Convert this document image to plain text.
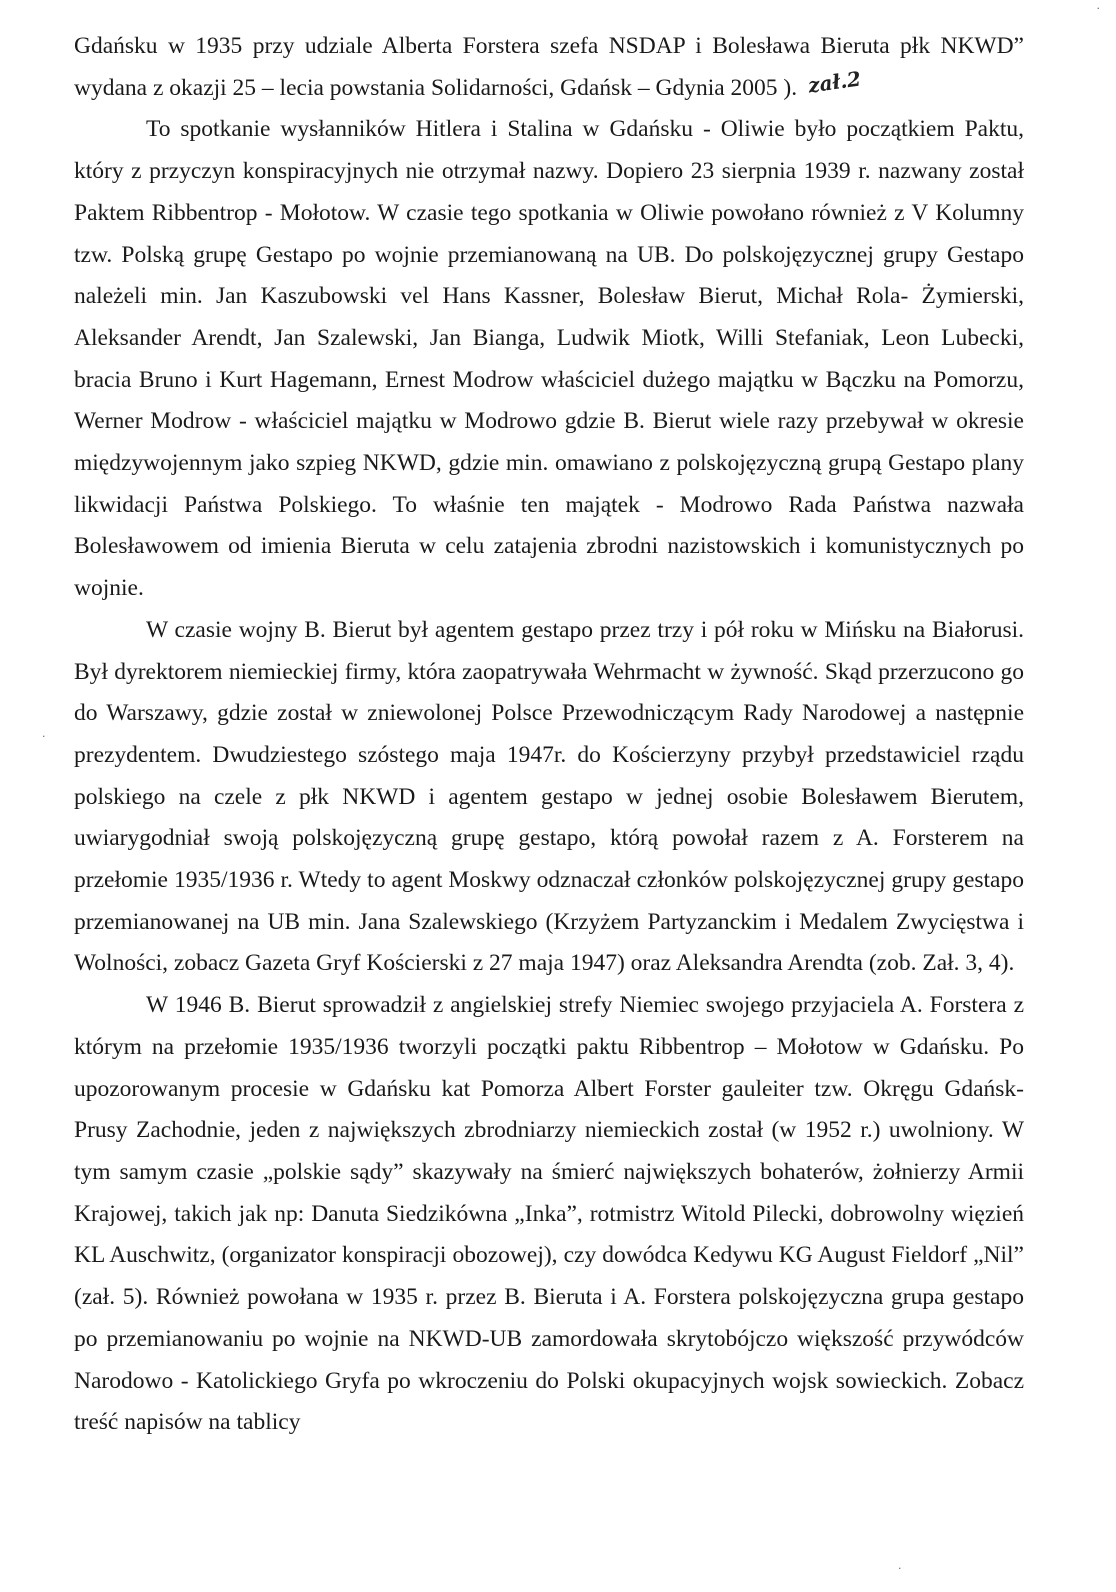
·
·
·

Gdańsku w 1935 przy udziale Alberta Forstera szefa NSDAP i Bolesława Bieruta płk NKWD” wydana z okazji 25 – lecia powstania Solidarności, Gdańsk – Gdynia 2005 ). zał.2

To spotkanie wysłanników Hitlera i Stalina w Gdańsku - Oliwie było początkiem Paktu, który z przyczyn konspiracyjnych nie otrzymał nazwy. Dopiero 23 sierpnia 1939 r. nazwany został Paktem Ribbentrop - Mołotow. W czasie tego spotkania w Oliwie powołano również z V Kolumny tzw. Polską grupę Gestapo po wojnie przemianowaną na UB. Do polskojęzycznej grupy Gestapo należeli min. Jan Kaszubowski vel Hans Kassner, Bolesław Bierut, Michał Rola- Żymierski, Aleksander Arendt, Jan Szalewski, Jan Bianga, Ludwik Miotk, Willi Stefaniak, Leon Lubecki, bracia Bruno i Kurt Hagemann, Ernest Modrow właściciel dużego majątku w Bączku na Pomorzu, Werner Modrow - właściciel majątku w Modrowo gdzie B. Bierut wiele razy przebywał w okresie międzywojennym jako szpieg NKWD, gdzie min. omawiano z polskojęzyczną grupą Gestapo plany likwidacji Państwa Polskiego. To właśnie ten majątek - Modrowo Rada Państwa nazwała Bolesławowem od imienia Bieruta w celu zatajenia zbrodni nazistowskich i komunistycznych po wojnie.

W czasie wojny B. Bierut był agentem gestapo przez trzy i pół roku w Mińsku na Białorusi. Był dyrektorem niemieckiej firmy, która zaopatrywała Wehrmacht w żywność. Skąd przerzucono go do Warszawy, gdzie został w zniewolonej Polsce Przewodniczącym Rady Narodowej a następnie prezydentem. Dwudziestego szóstego maja 1947r. do Kościerzyny przybył przedstawiciel rządu polskiego na czele z płk NKWD i agentem gestapo w jednej osobie Bolesławem Bierutem, uwiarygodniał swoją polskojęzyczną grupę gestapo, którą powołał razem z A. Forsterem na przełomie 1935/1936 r. Wtedy to agent Moskwy odznaczał członków polskojęzycznej grupy gestapo przemianowanej na UB min. Jana Szalewskiego (Krzyżem Partyzanckim i Medalem Zwycięstwa i Wolności, zobacz Gazeta Gryf Kościerski z 27 maja 1947) oraz Aleksandra Arendta (zob. Zał. 3, 4).

W 1946 B. Bierut sprowadził z angielskiej strefy Niemiec swojego przyjaciela A. Forstera z którym na przełomie 1935/1936 tworzyli początki paktu Ribbentrop – Mołotow w Gdańsku. Po upozorowanym procesie w Gdańsku kat Pomorza Albert Forster gauleiter tzw. Okręgu Gdańsk-Prusy Zachodnie, jeden z największych zbrodniarzy niemieckich został (w 1952 r.) uwolniony. W tym samym czasie „polskie sądy” skazywały na śmierć największych bohaterów, żołnierzy Armii Krajowej, takich jak np: Danuta Siedzikówna „Inka”, rotmistrz Witold Pilecki, dobrowolny więzień KL Auschwitz, (organizator konspiracji obozowej), czy dowódca Kedywu KG August Fieldorf „Nil” (zał. 5). Również powołana w 1935 r. przez B. Bieruta i A. Forstera polskojęzyczna grupa gestapo po przemianowaniu po wojnie na NKWD-UB zamordowała skrytobójczo większość przywódców Narodowo - Katolickiego Gryfa po wkroczeniu do Polski okupacyjnych wojsk sowieckich. Zobacz treść napisów na tablicy
